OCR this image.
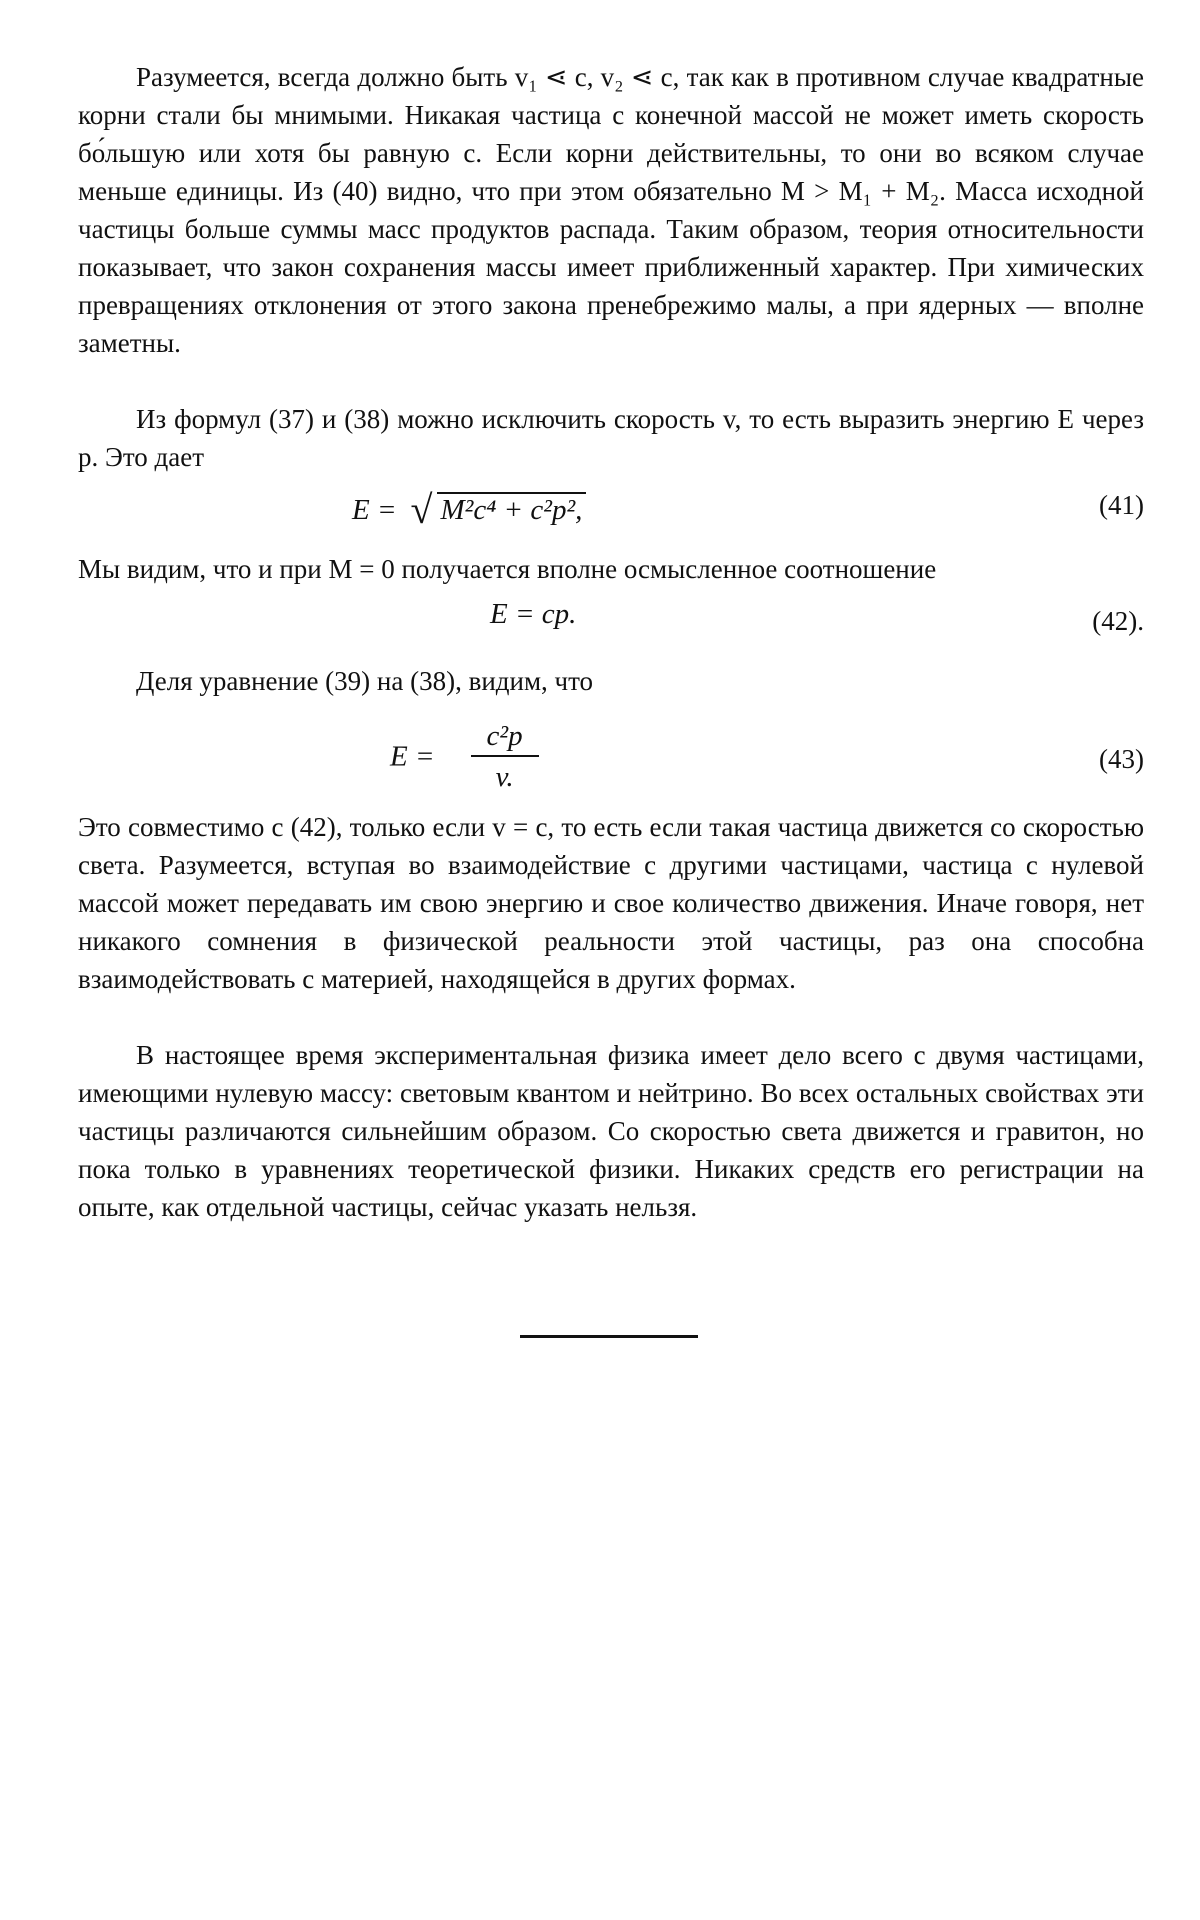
Разумеется, всегда должно быть v₁ ⋖ c, v₂ ⋖ c, так как в противном случае квадратные корни стали бы мнимыми. Никакая частица с конечной массой не может иметь скорость бо́льшую или хотя бы равную c. Если корни действительны, то они во всяком случае меньше единицы. Из (40) видно, что при этом обязательно M > M₁ + M₂. Масса исходной частицы больше суммы масс продуктов распада. Таким образом, теория относительности показывает, что закон сохранения массы имеет приближенный характер. При химических превращениях отклонения от этого закона пренебрежимо малы, а при ядерных — вполне заметны.

Из формул (37) и (38) можно исключить скорость v, то есть выразить энергию E через p. Это дает

E = √ M²c⁴ + c²p²,	(41)

Мы видим, что и при M = 0 получается вполне осмысленное соотношение

E = cp.	(42).

Деля уравнение (39) на (38), видим, что

$E = \frac{\text{c²p}}{v.}$	(43)

Это совместимо с (42), только если v = c, то есть если такая частица движется со скоростью света. Разумеется, вступая во взаимодействие с другими частицами, частица с нулевой массой может передавать им свою энергию и свое количество движения. Иначе говоря, нет никакого сомнения в физической реальности этой частицы, раз она способна взаимодействовать с материей, находящейся в других формах.

В настоящее время экспериментальная физика имеет дело всего с двумя частицами, имеющими нулевую массу: световым квантом и нейтрино. Во всех остальных свойствах эти частицы различаются сильнейшим образом. Со скоростью света движется и гравитон, но пока только в уравнениях теоретической физики. Никаких средств его регистрации на опыте, как отдельной частицы, сейчас указать нельзя.
